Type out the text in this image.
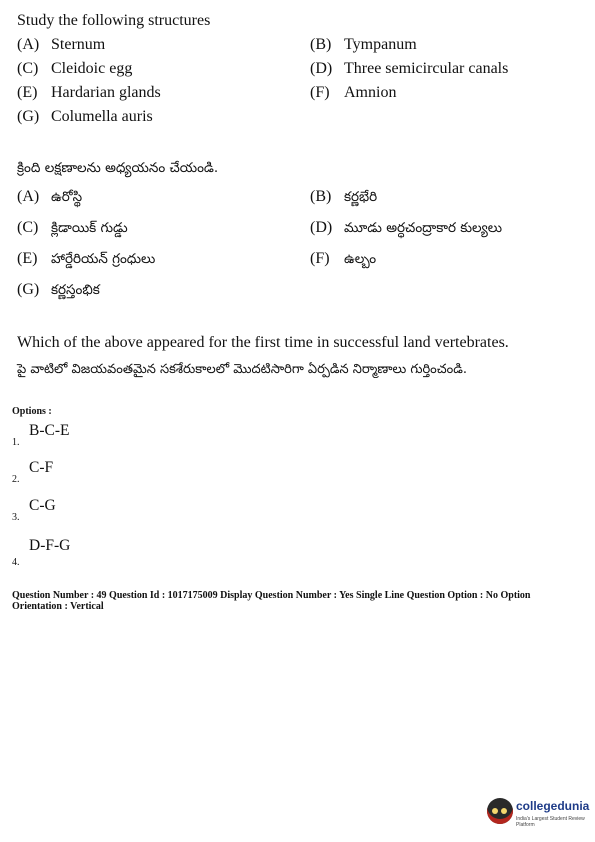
Study the following structures
(A) Sternum	(B) Tympanum
(C) Cleidoic egg	(D) Three semicircular canals
(E) Hardarian glands	(F) Amnion
(G) Columella auris
క్రింది లక్షణాలను అధ్యయనం చేయండి.
(A) ఉరోస్థి	(B) కర్ణభేరి
(C) క్లిడాయిక్ గుడ్డు	(D) మూడు అర్ధచంద్రాకార కుల్యలు
(E) హార్డేరియన్ గ్రంధులు	(F) ఉల్బం
(G) కర్ణస్తంభిక
Which of the above appeared for the first time in successful land vertebrates.
పై వాటిలో విజయవంతమైన సకశేరుకాలలో మొదటిసారిగా ఏర్పడిన నిర్మాణాలు గుర్తించండి.
Options :
B-C-E
1.
C-F
2.
C-G
3.
D-F-G
4.
Question Number : 49 Question Id : 1017175009 Display Question Number : Yes Single Line Question Option : No Option Orientation : Vertical
collegedunia
India's Largest Student Review Platform
